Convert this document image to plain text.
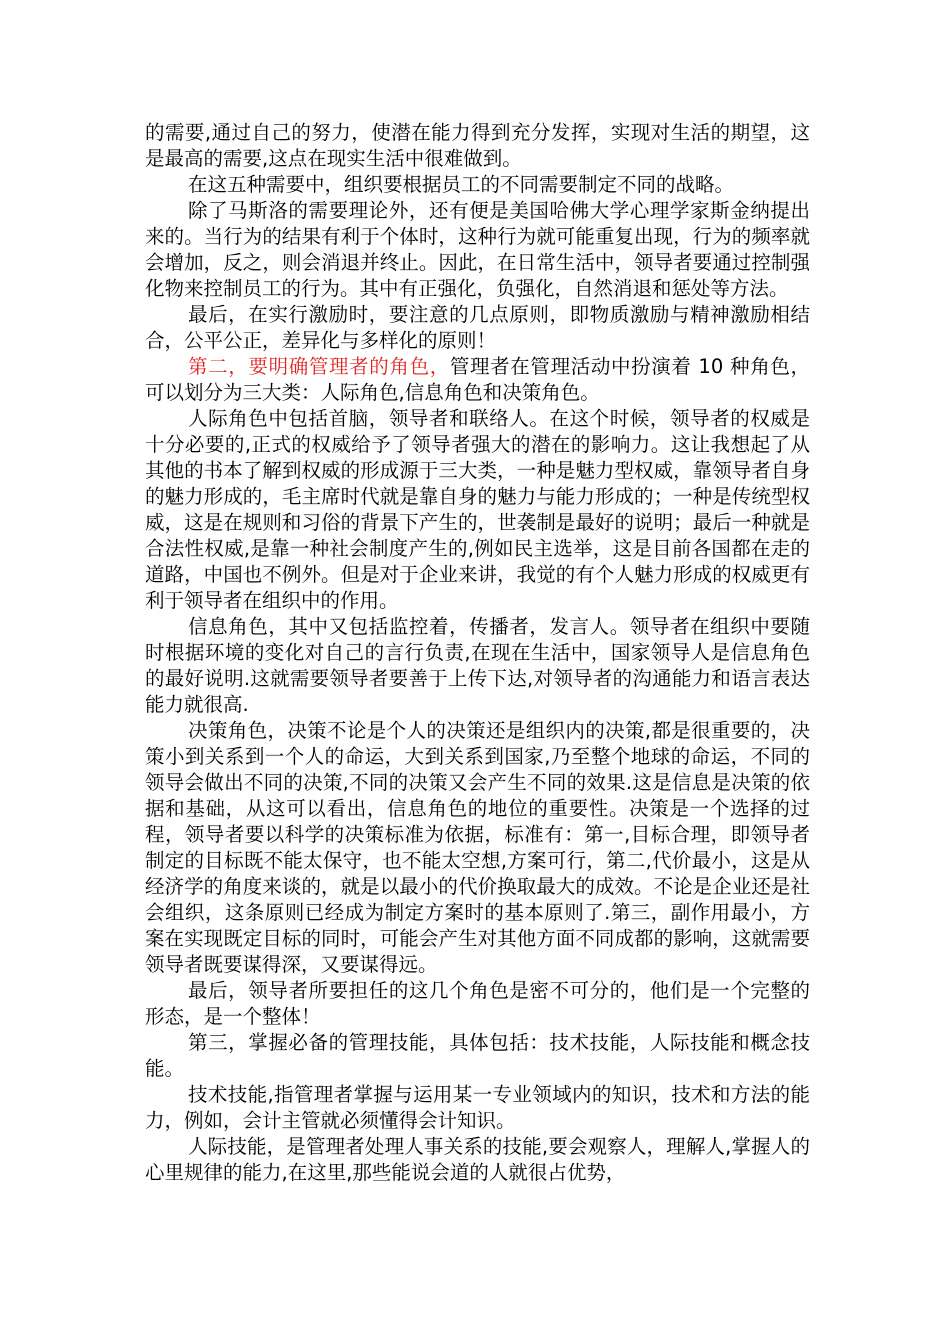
的需要,通过自己的努力，使潜在能力得到充分发挥，实现对生活的期望，这是最高的需要,这点在现实生活中很难做到。

在这五种需要中，组织要根据员工的不同需要制定不同的战略。

除了马斯洛的需要理论外，还有便是美国哈佛大学心理学家斯金纳提出来的。当行为的结果有利于个体时，这种行为就可能重复出现，行为的频率就会增加，反之，则会消退并终止。因此，在日常生活中，领导者要通过控制强化物来控制员工的行为。其中有正强化，负强化，自然消退和惩处等方法。

最后，在实行激励时，要注意的几点原则，即物质激励与精神激励相结合，公平公正，差异化与多样化的原则！

第二，要明确管理者的角色，管理者在管理活动中扮演着 10 种角色，可以划分为三大类：人际角色,信息角色和决策角色。

人际角色中包括首脑，领导者和联络人。在这个时候，领导者的权威是十分必要的,正式的权威给予了领导者强大的潜在的影响力。这让我想起了从其他的书本了解到权威的形成源于三大类，一种是魅力型权威，靠领导者自身的魅力形成的，毛主席时代就是靠自身的魅力与能力形成的；一种是传统型权威，这是在规则和习俗的背景下产生的，世袭制是最好的说明；最后一种就是合法性权威,是靠一种社会制度产生的,例如民主选举，这是目前各国都在走的道路，中国也不例外。但是对于企业来讲，我觉的有个人魅力形成的权威更有利于领导者在组织中的作用。

信息角色，其中又包括监控着，传播者，发言人。领导者在组织中要随时根据环境的变化对自己的言行负责,在现在生活中，国家领导人是信息角色的最好说明.这就需要领导者要善于上传下达,对领导者的沟通能力和语言表达能力就很高.

决策角色，决策不论是个人的决策还是组织内的决策,都是很重要的，决策小到关系到一个人的命运，大到关系到国家,乃至整个地球的命运，不同的领导会做出不同的决策,不同的决策又会产生不同的效果.这是信息是决策的依据和基础，从这可以看出，信息角色的地位的重要性。决策是一个选择的过程，领导者要以科学的决策标准为依据，标准有：第一,目标合理，即领导者制定的目标既不能太保守，也不能太空想,方案可行，第二,代价最小，这是从经济学的角度来谈的，就是以最小的代价换取最大的成效。不论是企业还是社会组织，这条原则已经成为制定方案时的基本原则了.第三，副作用最小，方案在实现既定目标的同时，可能会产生对其他方面不同成都的影响，这就需要领导者既要谋得深，又要谋得远。

最后，领导者所要担任的这几个角色是密不可分的，他们是一个完整的形态，是一个整体！

第三，掌握必备的管理技能，具体包括：技术技能，人际技能和概念技能。

技术技能,指管理者掌握与运用某一专业领域内的知识，技术和方法的能力，例如，会计主管就必须懂得会计知识。

人际技能，是管理者处理人事关系的技能,要会观察人，理解人,掌握人的心里规律的能力,在这里,那些能说会道的人就很占优势，
